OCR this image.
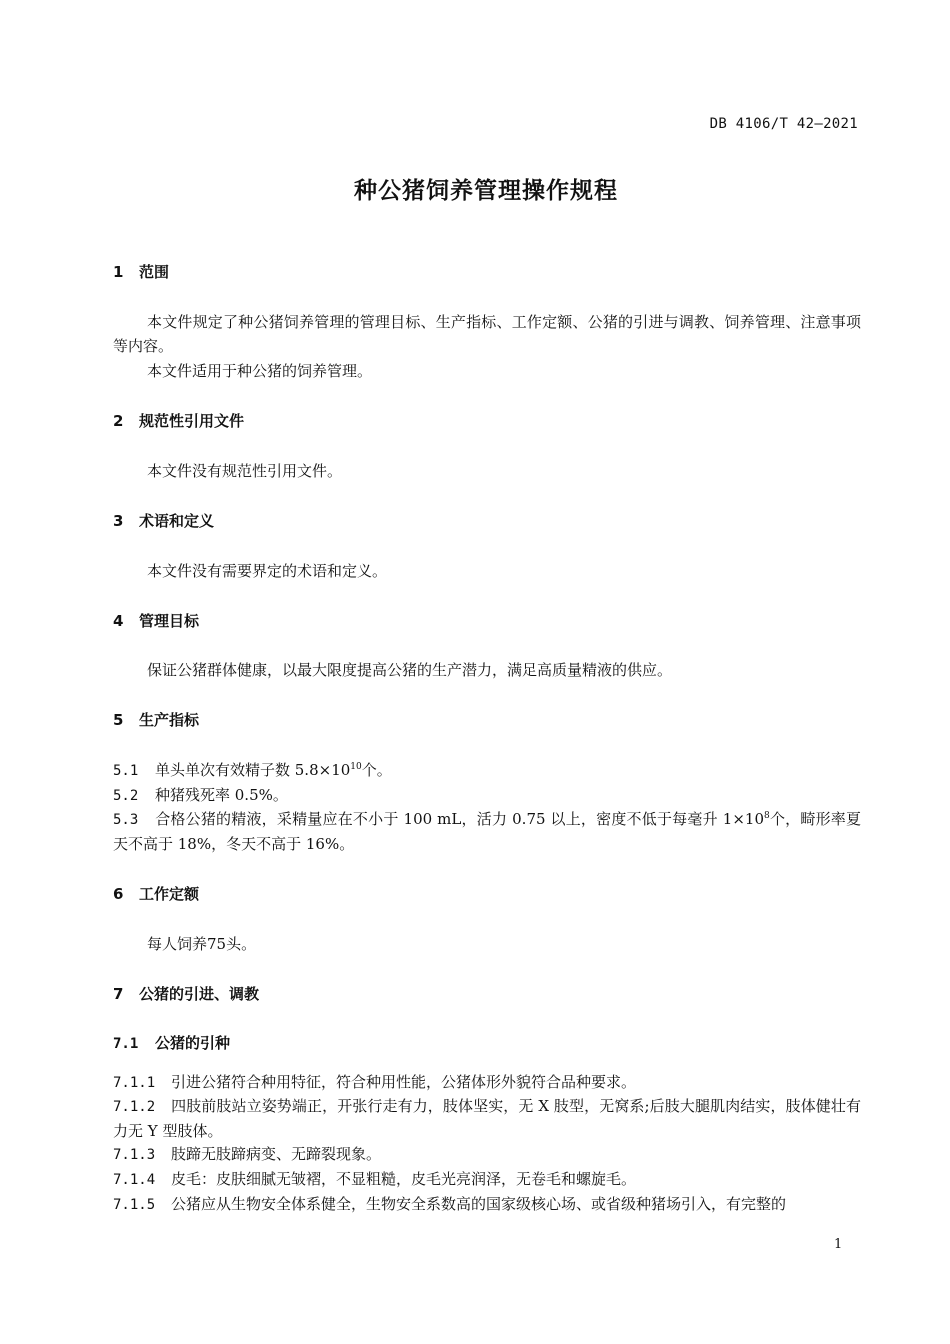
DB 4106/T 42—2021
种公猪饲养管理操作规程
1 范围
本文件规定了种公猪饲养管理的管理目标、生产指标、工作定额、公猪的引进与调教、饲养管理、注意事项等内容。
本文件适用于种公猪的饲养管理。
2 规范性引用文件
本文件没有规范性引用文件。
3 术语和定义
本文件没有需要界定的术语和定义。
4 管理目标
保证公猪群体健康，以最大限度提高公猪的生产潜力，满足高质量精液的供应。
5 生产指标
5.1 单头单次有效精子数 $5.8\times 10^{10}$个。
5.2 种猪残死率 0.5%。
5.3 合格公猪的精液，采精量应在不小于 100 mL，活力 0.75 以上，密度不低于每毫升 $1\times 10^8$个，畸形率夏天不高于 18%，冬天不高于 16%。
6 工作定额
每人饲养75头。
7 公猪的引进、调教
7.1 公猪的引种
7.1.1 引进公猪符合种用特征，符合种用性能，公猪体形外貌符合品种要求。
7.1.2 四肢前肢站立姿势端正，开张行走有力，肢体坚实，无 X 肢型，无窝系;后肢大腿肌肉结实，肢体健壮有力无 Y 型肢体。
7.1.3 肢蹄无肢蹄病变、无蹄裂现象。
7.1.4 皮毛：皮肤细腻无皱褶，不显粗糙，皮毛光亮润泽，无卷毛和螺旋毛。
7.1.5 公猪应从生物安全体系健全，生物安全系数高的国家级核心场、或省级种猪场引入，有完整的
1
